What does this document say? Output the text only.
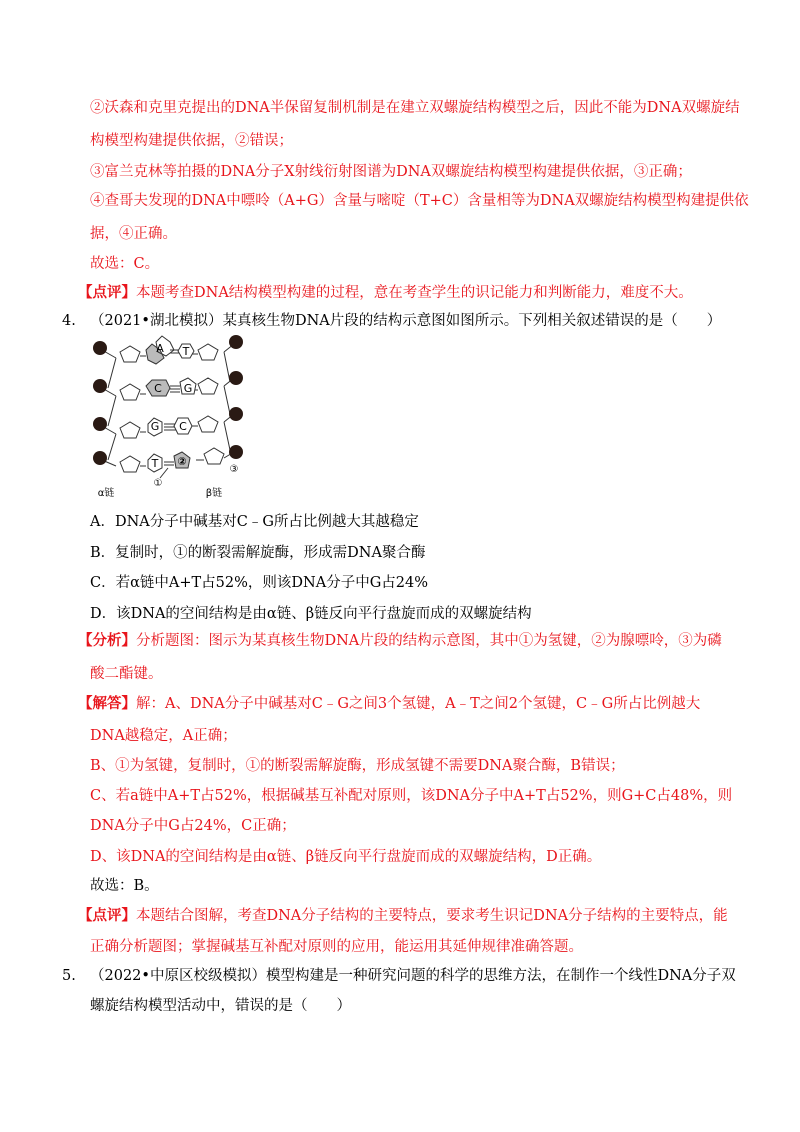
②沃森和克里克提出的DNA半保留复制机制是在建立双螺旋结构模型之后，因此不能为DNA双螺旋结
构模型构建提供依据，②错误；
③富兰克林等拍摄的DNA分子X射线衍射图谱为DNA双螺旋结构模型构建提供依据，③正确；
④查哥夫发现的DNA中嘌呤（A+G）含量与嘧啶（T+C）含量相等为DNA双螺旋结构模型构建提供依
据，④正确。
故选：C。
【点评】本题考查DNA结构模型构建的过程，意在考查学生的识记能力和判断能力，难度不大。
4. （2021•湖北模拟）某真核生物DNA片段的结构示意图如图所示。下列相关叙述错误的是（　　）
A T
C G
G C
T ②
①
③
α链	β链
A．DNA分子中碱基对C﹣G所占比例越大其越稳定
B．复制时，①的断裂需解旋酶，形成需DNA聚合酶
C．若α链中A+T占52%，则该DNA分子中G占24%
D．该DNA的空间结构是由α链、β链反向平行盘旋而成的双螺旋结构
【分析】分析题图：图示为某真核生物DNA片段的结构示意图，其中①为氢键，②为腺嘌呤，③为磷
酸二酯键。
【解答】解：A、DNA分子中碱基对C﹣G之间3个氢键，A﹣T之间2个氢键，C﹣G所占比例越大
DNA越稳定，A正确；
B、①为氢键，复制时，①的断裂需解旋酶，形成氢键不需要DNA聚合酶，B错误；
C、若a链中A+T占52%，根据碱基互补配对原则，该DNA分子中A+T占52%，则G+C占48%，则
DNA分子中G占24%，C正确；
D、该DNA的空间结构是由α链、β链反向平行盘旋而成的双螺旋结构，D正确。
故选：B。
【点评】本题结合图解，考查DNA分子结构的主要特点，要求考生识记DNA分子结构的主要特点，能
正确分析题图；掌握碱基互补配对原则的应用，能运用其延伸规律准确答题。
5. （2022•中原区校级模拟）模型构建是一种研究问题的科学的思维方法，在制作一个线性DNA分子双
螺旋结构模型活动中，错误的是（　　）
